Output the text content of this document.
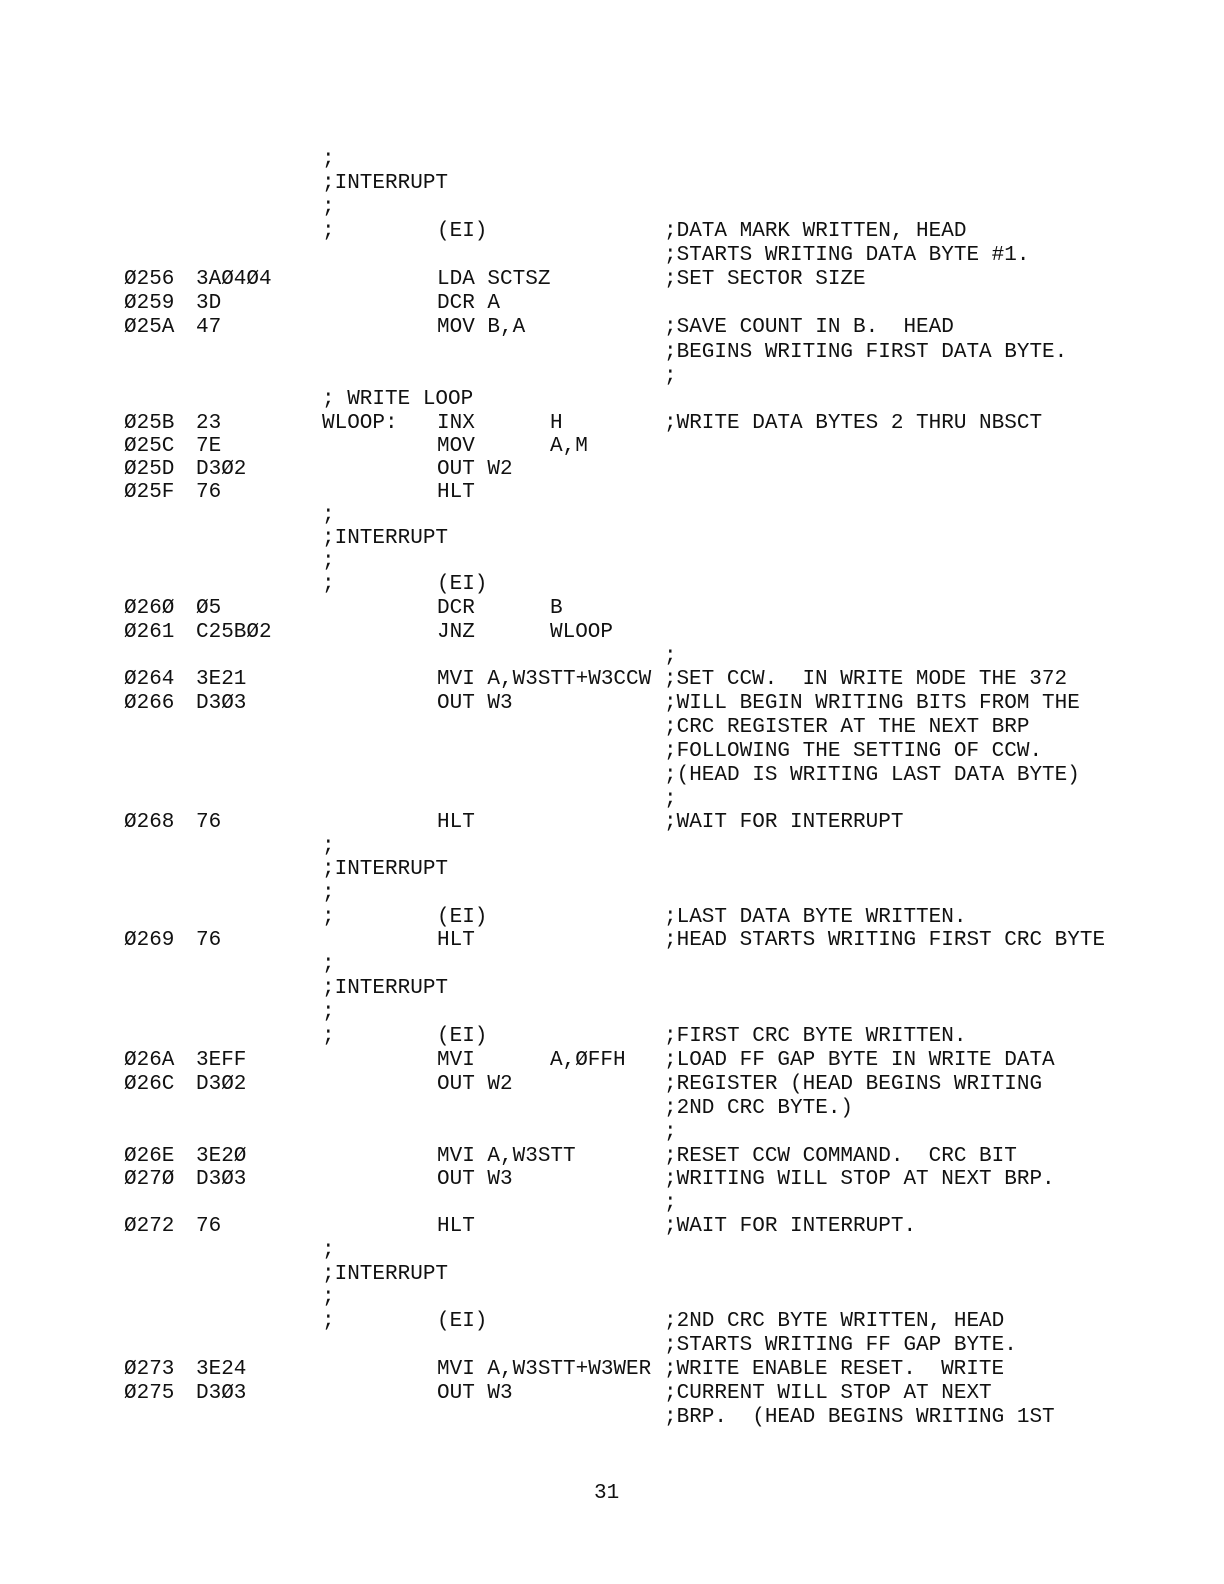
;
;INTERRUPT
;
;	(EI)	;DATA MARK WRITTEN, HEAD
;STARTS WRITING DATA BYTE #1.
Ø256 3AØ4Ø4	LDA SCTSZ	;SET SECTOR SIZE
Ø259 3D	DCR A
Ø25A 47	MOV B,A	;SAVE COUNT IN B.  HEAD
;BEGINS WRITING FIRST DATA BYTE.
;
; WRITE LOOP
Ø25B 23	WLOOP: INX	H	;WRITE DATA BYTES 2 THRU NBSCT
Ø25C 7E	MOV	A,M
Ø25D D3Ø2	OUT W2
Ø25F 76	HLT
;
;INTERRUPT
;
;	(EI)
Ø26Ø Ø5	DCR	B
Ø261 C25BØ2	JNZ	WLOOP
;
Ø264 3E21	MVI A,W3STT+W3CCW ;SET CCW.  IN WRITE MODE THE 372
Ø266 D3Ø3	OUT W3	;WILL BEGIN WRITING BITS FROM THE
;CRC REGISTER AT THE NEXT BRP
;FOLLOWING THE SETTING OF CCW.
;(HEAD IS WRITING LAST DATA BYTE)
;
Ø268 76	HLT	;WAIT FOR INTERRUPT
;
;INTERRUPT
;
;	(EI)	;LAST DATA BYTE WRITTEN.
Ø269 76	HLT	;HEAD STARTS WRITING FIRST CRC BYTE
;
;INTERRUPT
;
;	(EI)	;FIRST CRC BYTE WRITTEN.
Ø26A 3EFF	MVI	A,ØFFH ;LOAD FF GAP BYTE IN WRITE DATA
Ø26C D3Ø2	OUT W2	;REGISTER (HEAD BEGINS WRITING
;2ND CRC BYTE.)
;
Ø26E 3E2Ø	MVI A,W3STT	;RESET CCW COMMAND.  CRC BIT
Ø27Ø D3Ø3	OUT W3	;WRITING WILL STOP AT NEXT BRP.
;
Ø272 76	HLT	;WAIT FOR INTERRUPT.
;
;INTERRUPT
;
;	(EI)	;2ND CRC BYTE WRITTEN, HEAD
;STARTS WRITING FF GAP BYTE.
Ø273 3E24	MVI A,W3STT+W3WER ;WRITE ENABLE RESET.  WRITE
Ø275 D3Ø3	OUT W3	;CURRENT WILL STOP AT NEXT
;BRP.  (HEAD BEGINS WRITING 1ST
31
